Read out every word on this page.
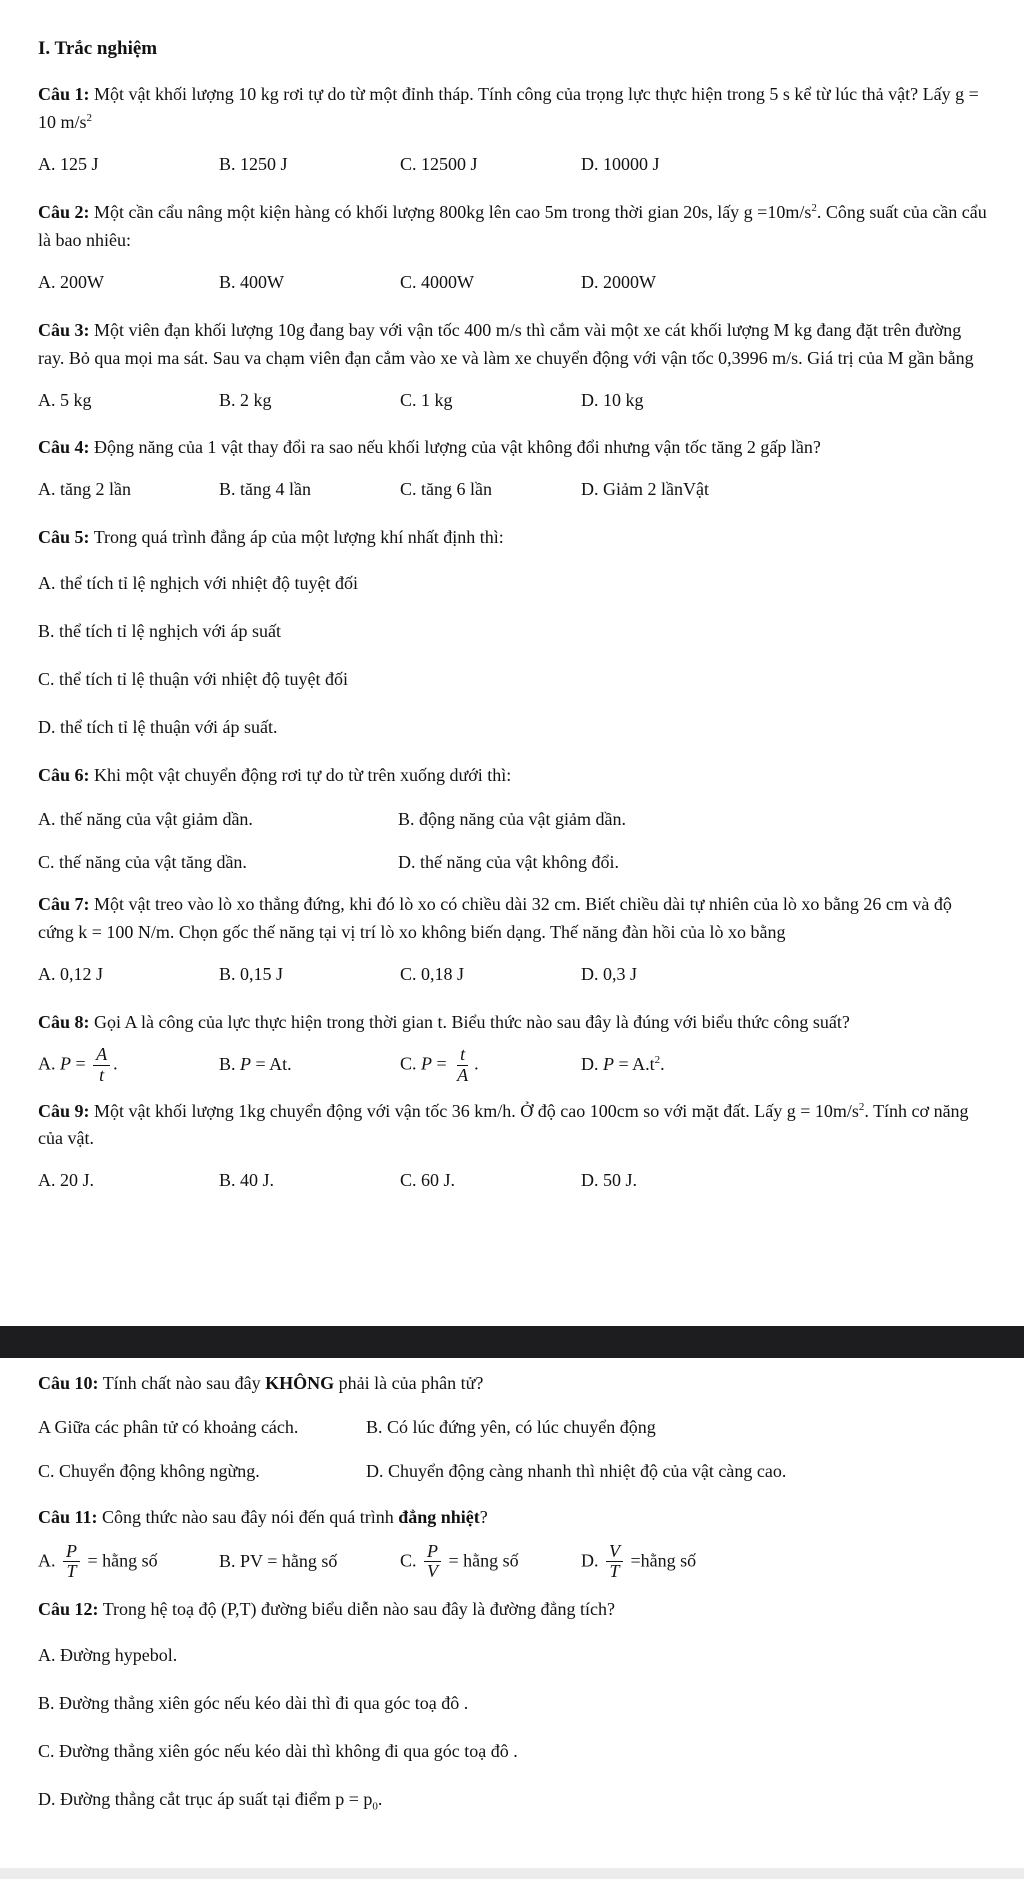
I. Trắc nghiệm
Câu 1: Một vật khối lượng 10 kg rơi tự do từ một đỉnh tháp. Tính công của trọng lực thực hiện trong 5 s kể từ lúc thả vật? Lấy g = 10 $m/s^2$
A. 125 J	B. 1250 J	C. 12500 J	D. 10000 J
Câu 2: Một cần cẩu nâng một kiện hàng có khối lượng 800kg lên cao 5m trong thời gian 20s, lấy $g =10m/s^2$. Công suất của cần cẩu là bao nhiêu:
A. 200W	B. 400W	C. 4000W	D. 2000W
Câu 3: Một viên đạn khối lượng 10g đang bay với vận tốc 400 m/s thì cắm vài một xe cát khối lượng M kg đang đặt trên đường ray. Bỏ qua mọi ma sát. Sau va chạm viên đạn cắm vào xe và làm xe chuyển động với vận tốc 0,3996 m/s. Giá trị của M gần bằng
A. 5 kg	B. 2 kg	C. 1 kg	D. 10 kg
Câu 4: Động năng của 1 vật thay đổi ra sao nếu khối lượng của vật không đổi nhưng vận tốc tăng 2 gấp lần?
A. tăng 2 lần	B. tăng 4 lần	C. tăng 6 lần	D. Giảm 2 lầnVật
Câu 5: Trong quá trình đẳng áp của một lượng khí nhất định thì:
A. thể tích tỉ lệ nghịch với nhiệt độ tuyệt đối
B. thể tích tỉ lệ nghịch với áp suất
C. thể tích tỉ lệ thuận với nhiệt độ tuyệt đối
D. thể tích tỉ lệ thuận với áp suất.
Câu 6: Khi một vật chuyển động rơi tự do từ trên xuống dưới thì:
A. thế năng của vật giảm dần.	B. động năng của vật giảm dần.
C. thế năng của vật tăng dần.	D. thế năng của vật không đổi.
Câu 7: Một vật treo vào lò xo thẳng đứng, khi đó lò xo có chiều dài 32 cm. Biết chiều dài tự nhiên của lò xo bằng 26 cm và độ cứng k = 100 N/m. Chọn gốc thế năng tại vị trí lò xo không biến dạng. Thế năng đàn hồi của lò xo bằng
A. 0,12 J	B. 0,15 J	C. 0,18 J	D. 0,3 J
Câu 8: Gọi A là công của lực thực hiện trong thời gian t. Biểu thức nào sau đây là đúng với biểu thức công suất?
A. $P = \frac{A}{t}$ .	B. P = At.	C. $P = \frac{t}{A}$ .	D. $P = A.t^2$.
Câu 9: Một vật khối lượng 1kg chuyển động với vận tốc 36 km/h. Ở độ cao 100cm so với mặt đất. Lấy $g = 10m/s^2$. Tính cơ năng của vật.
A. 20 J.	B. 40 J.	C. 60 J.	D. 50 J.
Câu 10: Tính chất nào sau đây KHÔNG phải là của phân tử?
A Giữa các phân tử có khoảng cách.	B. Có lúc đứng yên, có lúc chuyển động
C. Chuyển động không ngừng.	D. Chuyển động càng nhanh thì nhiệt độ của vật càng cao.
Câu 11: Công thức nào sau đây nói đến quá trình đẳng nhiệt?
A. $\frac{P}{T}$ = hằng số	B. PV = hằng số	C. $\frac{P}{V}$ = hằng số	D. $\frac{V}{T}$ =hằng số
Câu 12: Trong hệ toạ độ (P,T) đường biểu diễn nào sau đây là đường đẳng tích?
A. Đường hypebol.
B. Đường thẳng xiên góc nếu kéo dài thì đi qua góc toạ đô .
C. Đường thẳng xiên góc nếu kéo dài thì không đi qua góc toạ đô .
D. Đường thẳng cắt trục áp suất tại điểm $p = p_0$.
